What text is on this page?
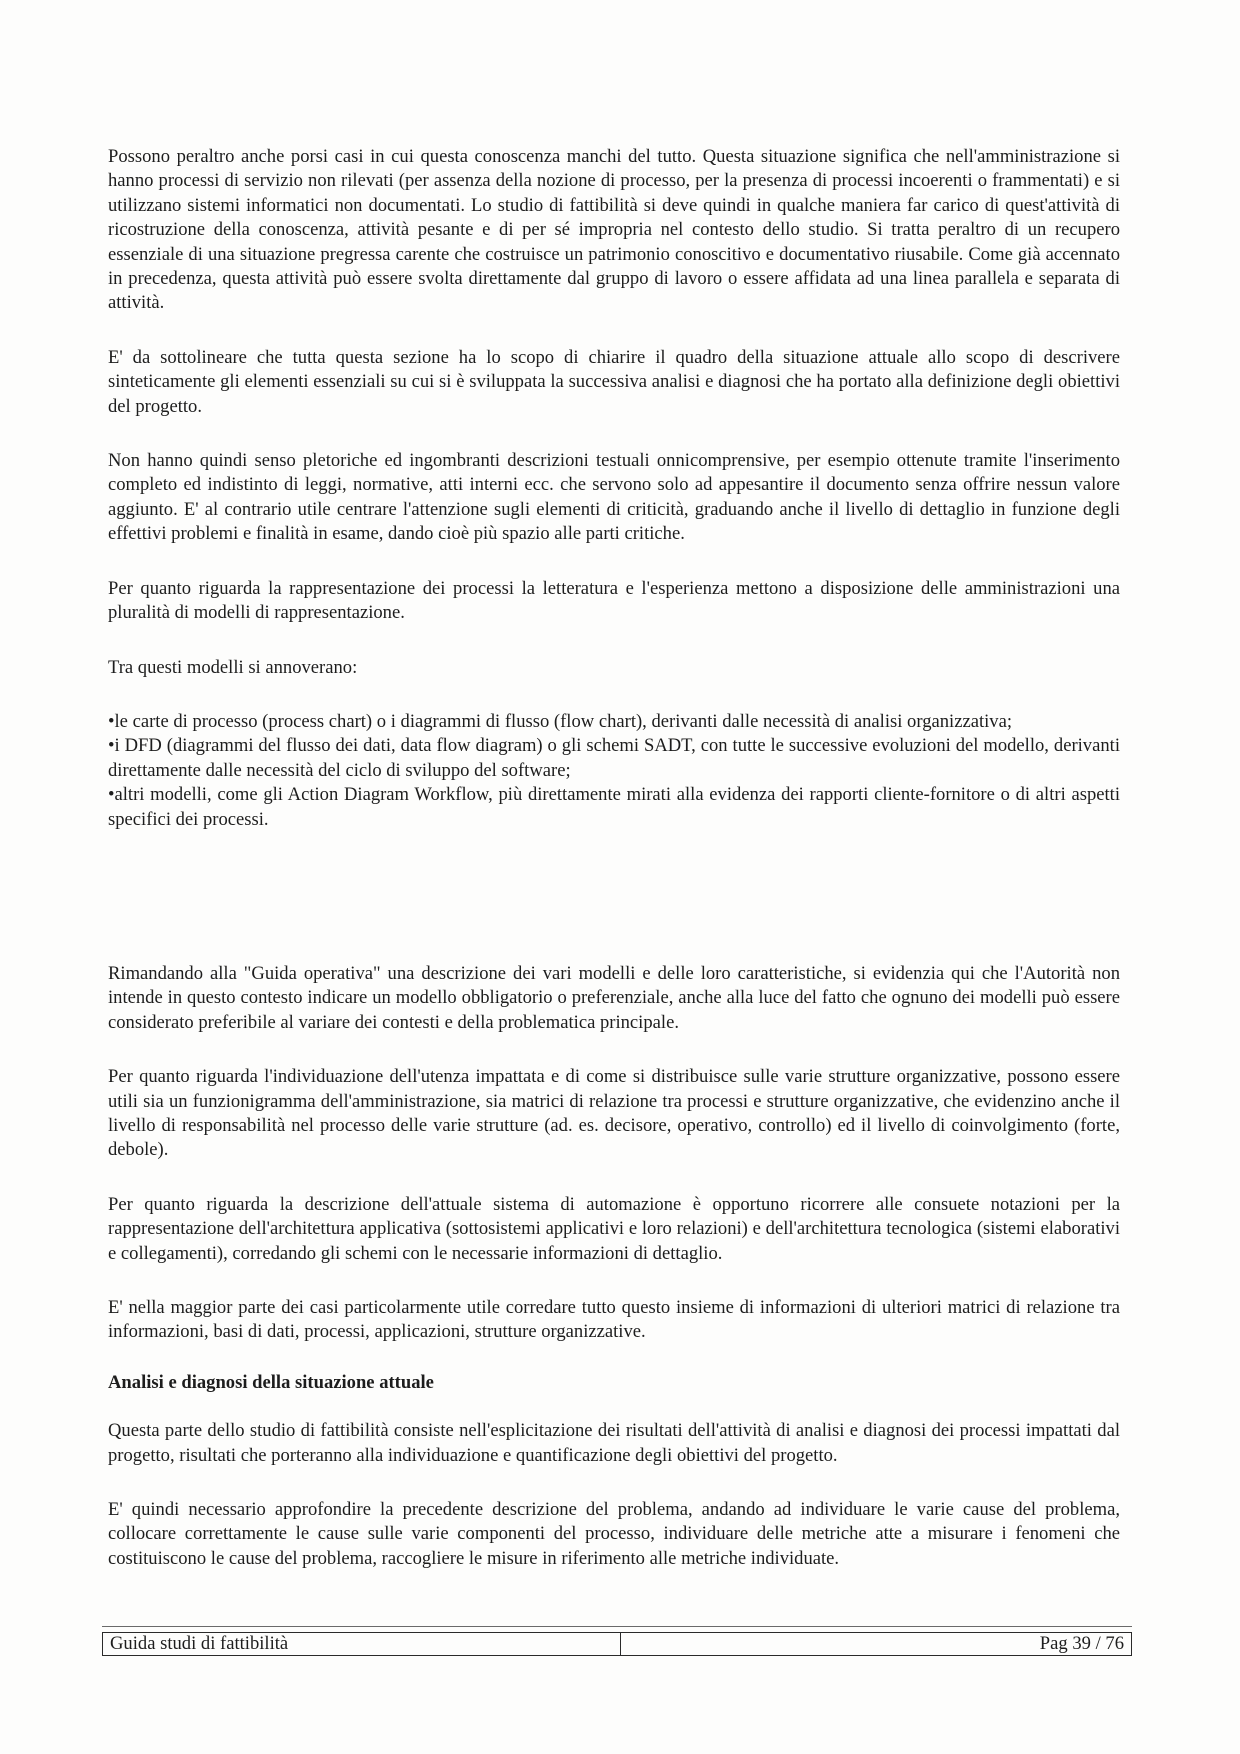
Possono peraltro anche porsi casi in cui questa conoscenza manchi del tutto. Questa situazione significa che nell'amministrazione si hanno processi di servizio non rilevati (per assenza della nozione di processo, per la presenza di processi incoerenti o frammentati) e si utilizzano sistemi informatici non documentati. Lo studio di fattibilità si deve quindi in qualche maniera far carico di quest'attività di ricostruzione della conoscenza, attività pesante e di per sé impropria nel contesto dello studio. Si tratta peraltro di un recupero essenziale di una situazione pregressa carente che costruisce un patrimonio conoscitivo e documentativo riusabile. Come già accennato in precedenza, questa attività può essere svolta direttamente dal gruppo di lavoro o essere affidata ad una linea parallela e separata di attività.

E' da sottolineare che tutta questa sezione ha lo scopo di chiarire il quadro della situazione attuale allo scopo di descrivere sinteticamente gli elementi essenziali su cui si è sviluppata la successiva analisi e diagnosi che ha portato alla definizione degli obiettivi del progetto.

Non hanno quindi senso pletoriche ed ingombranti descrizioni testuali onnicomprensive, per esempio ottenute tramite l'inserimento completo ed indistinto di leggi, normative, atti interni ecc. che servono solo ad appesantire il documento senza offrire nessun valore aggiunto. E' al contrario utile centrare l'attenzione sugli elementi di criticità, graduando anche il livello di dettaglio in funzione degli effettivi problemi e finalità in esame, dando cioè più spazio alle parti critiche.

Per quanto riguarda la rappresentazione dei processi la letteratura e l'esperienza mettono a disposizione delle amministrazioni una pluralità di modelli di rappresentazione.

Tra questi modelli si annoverano:

•le carte di processo (process chart) o i diagrammi di flusso (flow chart), derivanti dalle necessità di analisi organizzativa;
•i DFD (diagrammi del flusso dei dati, data flow diagram) o gli schemi SADT, con tutte le successive evoluzioni del modello, derivanti direttamente dalle necessità del ciclo di sviluppo del software;
•altri modelli, come gli Action Diagram Workflow, più direttamente mirati alla evidenza dei rapporti cliente-fornitore o di altri aspetti specifici dei processi.

Rimandando alla "Guida operativa" una descrizione dei vari modelli e delle loro caratteristiche, si evidenzia qui che l'Autorità non intende in questo contesto indicare un modello obbligatorio o preferenziale, anche alla luce del fatto che ognuno dei modelli può essere considerato preferibile al variare dei contesti e della problematica principale.

Per quanto riguarda l'individuazione dell'utenza impattata e di come si distribuisce sulle varie strutture organizzative, possono essere utili sia un funzionigramma dell'amministrazione, sia matrici di relazione tra processi e strutture organizzative, che evidenzino anche il livello di responsabilità nel processo delle varie strutture (ad. es. decisore, operativo, controllo) ed il livello di coinvolgimento (forte, debole).

Per quanto riguarda la descrizione dell'attuale sistema di automazione è opportuno ricorrere alle consuete notazioni per la rappresentazione dell'architettura applicativa (sottosistemi applicativi e loro relazioni) e dell'architettura tecnologica (sistemi elaborativi e collegamenti), corredando gli schemi con le necessarie informazioni di dettaglio.

E' nella maggior parte dei casi particolarmente utile corredare tutto questo insieme di informazioni di ulteriori matrici di relazione tra informazioni, basi di dati, processi, applicazioni, strutture organizzative.

Analisi e diagnosi della situazione attuale

Questa parte dello studio di fattibilità consiste nell'esplicitazione dei risultati dell'attività di analisi e diagnosi dei processi impattati dal progetto, risultati che porteranno alla individuazione e quantificazione degli obiettivi del progetto.

E' quindi necessario approfondire la precedente descrizione del problema, andando ad individuare le varie cause del problema, collocare correttamente le cause sulle varie componenti del processo, individuare delle metriche atte a misurare i fenomeni che costituiscono le cause del problema, raccogliere le misure in riferimento alle metriche individuate.

Guida studi di fattibilità	Pag 39 / 76
